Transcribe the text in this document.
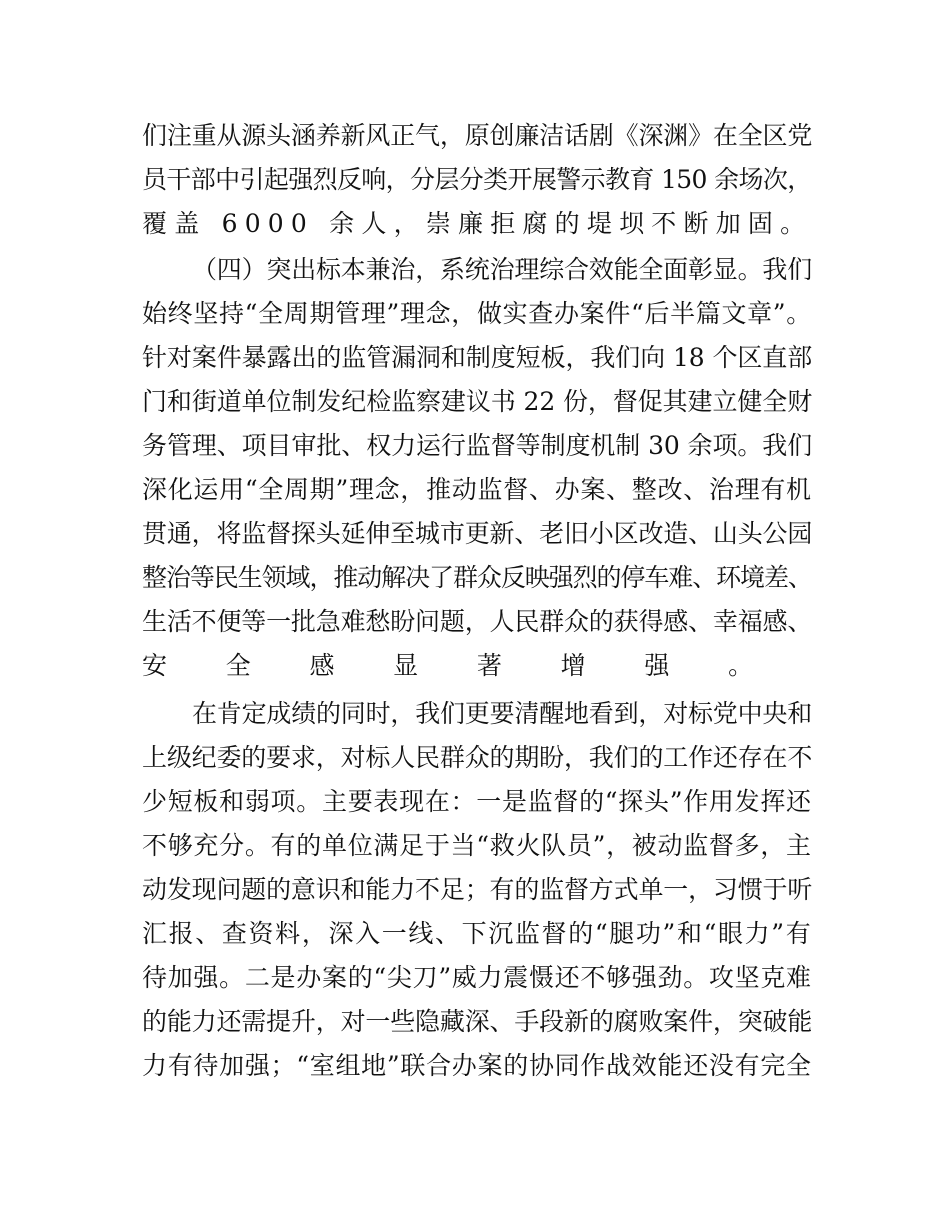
们注重从源头涵养新风正气，原创廉洁话剧《深渊》在全区党
员干部中引起强烈反响，分层分类开展警示教育 150 余场次，
覆盖 6000 余人，崇廉拒腐的堤坝不断加固。
（四）突出标本兼治，系统治理综合效能全面彰显。我们
始终坚持“全周期管理”理念，做实查办案件“后半篇文章”。
针对案件暴露出的监管漏洞和制度短板，我们向 18 个区直部
门和街道单位制发纪检监察建议书 22 份，督促其建立健全财
务管理、项目审批、权力运行监督等制度机制 30 余项。我们
深化运用“全周期”理念，推动监督、办案、整改、治理有机
贯通，将监督探头延伸至城市更新、老旧小区改造、山头公园
整治等民生领域，推动解决了群众反映强烈的停车难、环境差、
生活不便等一批急难愁盼问题，人民群众的获得感、幸福感、
安全感显著增强。
在肯定成绩的同时，我们更要清醒地看到，对标党中央和
上级纪委的要求，对标人民群众的期盼，我们的工作还存在不
少短板和弱项。主要表现在：一是监督的“探头”作用发挥还
不够充分。有的单位满足于当“救火队员”，被动监督多，主
动发现问题的意识和能力不足；有的监督方式单一，习惯于听
汇报、查资料，深入一线、下沉监督的“腿功”和“眼力”有
待加强。二是办案的“尖刀”威力震慑还不够强劲。攻坚克难
的能力还需提升，对一些隐藏深、手段新的腐败案件，突破能
力有待加强；“室组地”联合办案的协同作战效能还没有完全
